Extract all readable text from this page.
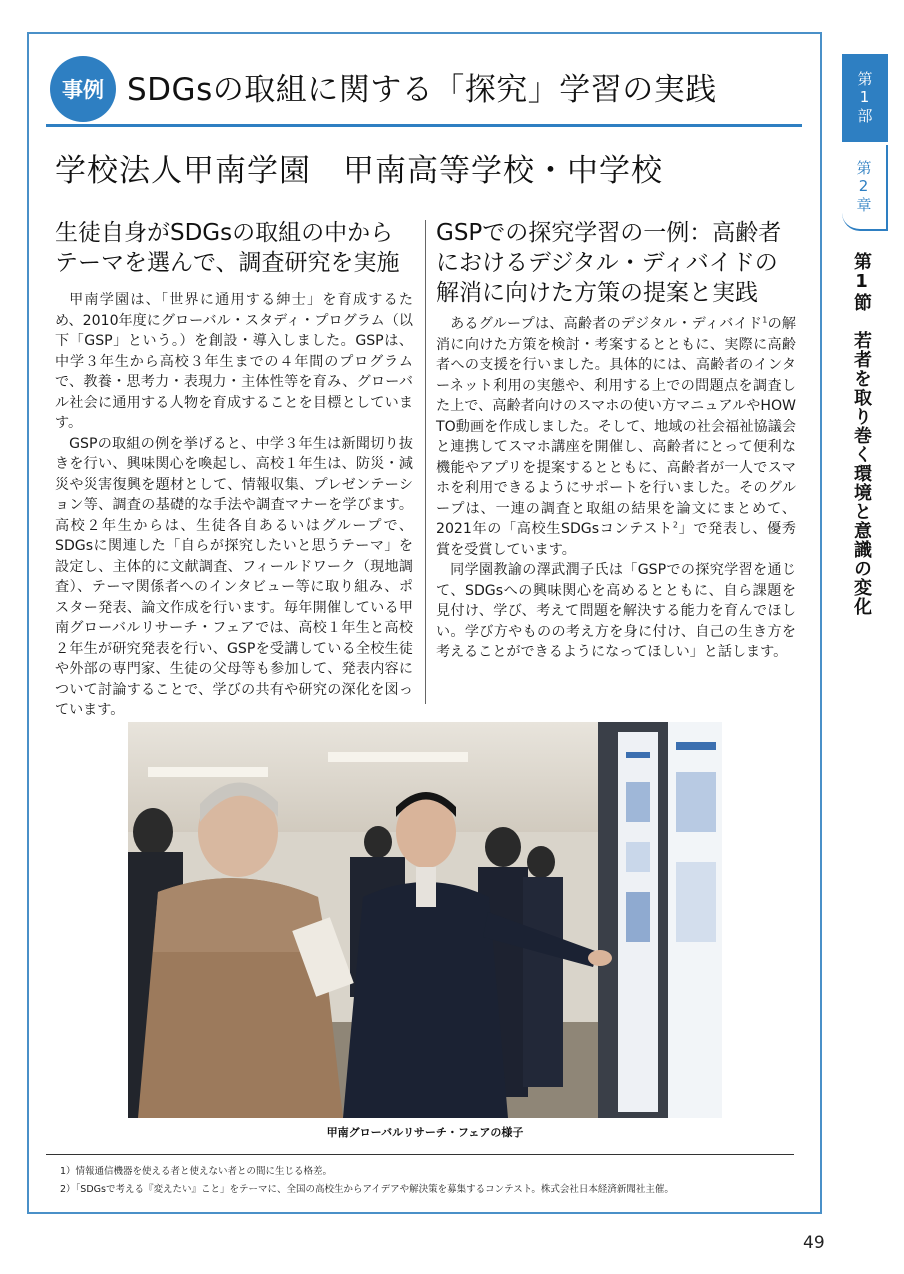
事例 SDGsの取組に関する「探究」学習の実践
学校法人甲南学園　甲南高等学校・中学校
生徒自身がSDGsの取組の中から
テーマを選んで、調査研究を実施
GSPでの探究学習の一例：高齢者
におけるデジタル・ディバイドの
解消に向けた方策の提案と実践

甲南学園は、「世界に通用する紳士」を育成するため、2010年度にグローバル・スタディ・プログラム（以下「GSP」という。）を創設・導入しました。GSPは、中学３年生から高校３年生までの４年間のプログラムで、教養・思考力・表現力・主体性等を育み、グローバル社会に通用する人物を育成することを目標としています。

GSPの取組の例を挙げると、中学３年生は新聞切り抜きを行い、興味関心を喚起し、高校１年生は、防災・減災や災害復興を題材として、情報収集、プレゼンテーション等、調査の基礎的な手法や調査マナーを学びます。高校２年生からは、生徒各自あるいはグループで、SDGsに関連した「自らが探究したいと思うテーマ」を設定し、主体的に文献調査、フィールドワーク（現地調査）、テーマ関係者へのインタビュー等に取り組み、ポスター発表、論文作成を行います。毎年開催している甲南グローバルリサーチ・フェアでは、高校１年生と高校２年生が研究発表を行い、GSPを受講している全校生徒や外部の専門家、生徒の父母等も参加して、発表内容について討論することで、学びの共有や研究の深化を図っています。

あるグループは、高齢者のデジタル・ディバイド$^1$の解消に向けた方策を検討・考案するとともに、実際に高齢者への支援を行いました。具体的には、高齢者のインターネット利用の実態や、利用する上での問題点を調査した上で、高齢者向けのスマホの使い方マニュアルやHOW TO動画を作成しました。そして、地域の社会福祉協議会と連携してスマホ講座を開催し、高齢者にとって便利な機能やアプリを提案するとともに、高齢者が一人でスマホを利用できるようにサポートを行いました。そのグループは、一連の調査と取組の結果を論文にまとめて、2021年の「高校生SDGsコンテスト$^2$」で発表し、優秀賞を受賞しています。

同学園教諭の澤武潤子氏は「GSPでの探究学習を通じて、SDGsへの興味関心を高めるとともに、自ら課題を見付け、学び、考えて問題を解決する能力を育んでほしい。学び方やものの考え方を身に付け、自己の生き方を考えることができるようになってほしい」と話します。

甲南グローバルリサーチ・フェアの様子
1）情報通信機器を使える者と使えない者との間に生じる格差。
2）「SDGsで考える『変えたい』こと」をテーマに、全国の高校生からアイデアや解決策を募集するコンテスト。株式会社日本経済新聞社主催。
49
第1部
第2章
第1節　若者を取り巻く環境と意識の変化
